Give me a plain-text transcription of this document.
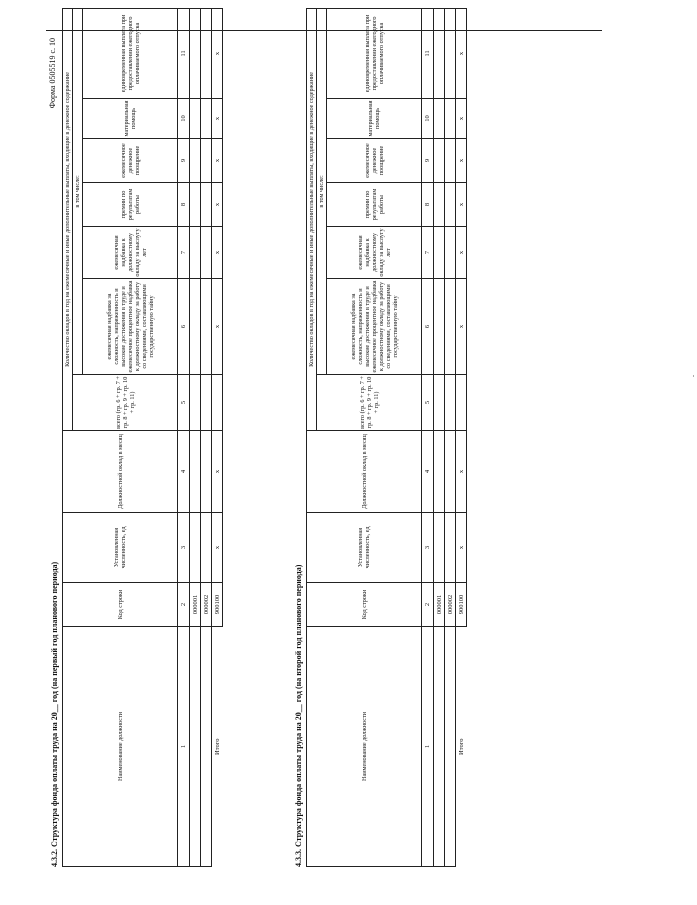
Форма 0505519 с. 10
4.3.2. Структура фонда оплаты труда на 20__ год (на первый год планового периода)	Наименование должности	Код строки	Установленная численность, ед	Должностной оклад в месяц	Количество окладов в год на ежемесячные и иные дополнительные выплаты, входящие в денежное содержание						
				всего (гр. 6 + гр. 7 + гр. 8 + гр. 9 + гр. 10 + гр. 11)	в том числе:					
					ежемесячная надбавка за сложность, напряженность и высокие достижения в труде и ежемесячное процентное надбавка к должностному окладу за работу со сведениями, составляющими государственную тайну	ежемесячная надбавка к должностному окладу за выслугу лет	премии по результатам работы	ежемесячное денежное поощрение	материальная помощь	единовременная выплата при предоставлении ежегодного оплачиваемого отпуска
1	2	3	4	5	6	7	8	9	10	11
	000001									
	000002									
Итого	900100	х	х		х	х	х	х	х	х
4.3.3. Структура фонда оплаты труда на 20__ год (на второй год планового периода)	Наименование должности	Код строки	Установленная численность, ед	Должностной оклад в месяц	Количество окладов в год на ежемесячные и иные дополнительные выплаты, входящие в денежное содержание						
				всего (гр. 6 + гр. 7 + гр. 8 + гр. 9 + гр. 10 + гр. 11)	в том числе:					
					ежемесячная надбавка за сложность, напряженность и высокие достижения в труде и ежемесячное процентное надбавка к должностному окладу за работу со сведениями, составляющими государственную тайну	ежемесячная надбавка к должностному окладу за выслугу лет	премии по результатам работы	ежемесячное денежное поощрение	материальная помощь	единовременная выплата при предоставлении ежегодного оплачиваемого отпуска
1	2	3	4	5	6	7	8	9	10	11
	000001									
	000002									
Итого	900100	х	х		х	х	х	х	х	х
-
